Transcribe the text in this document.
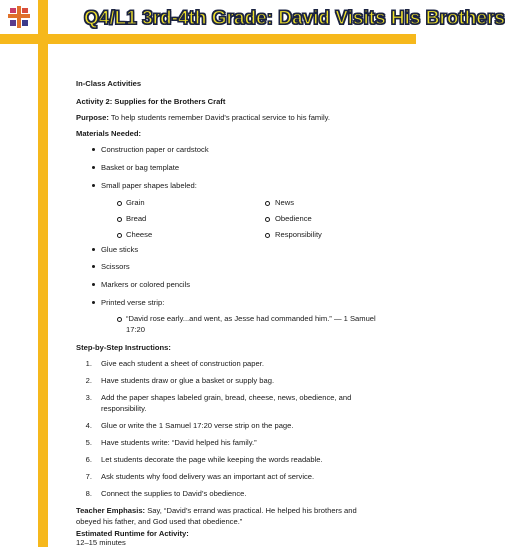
Q4/L1 3rd-4th Grade: David Visits His Brothers
In-Class Activities
Activity 2: Supplies for the Brothers Craft
Purpose: To help students remember David's practical service to his family.
Materials Needed:
Construction paper or cardstock
Basket or bag template
Small paper shapes labeled:
Grain
Bread
Cheese
News
Obedience
Responsibility
Glue sticks
Scissors
Markers or colored pencils
Printed verse strip:
“David rose early...and went, as Jesse had commanded him.” — 1 Samuel
17:20
Step-by-Step Instructions:
1. Give each student a sheet of construction paper.
2. Have students draw or glue a basket or supply bag.
3. Add the paper shapes labeled grain, bread, cheese, news, obedience, and
responsibility.
4. Glue or write the 1 Samuel 17:20 verse strip on the page.
5. Have students write: “David helped his family.”
6. Let students decorate the page while keeping the words readable.
7. Ask students why food delivery was an important act of service.
8. Connect the supplies to David’s obedience.
Teacher Emphasis: Say, “David’s errand was practical. He helped his brothers and
obeyed his father, and God used that obedience.”
Estimated Runtime for Activity:
12–15 minutes
